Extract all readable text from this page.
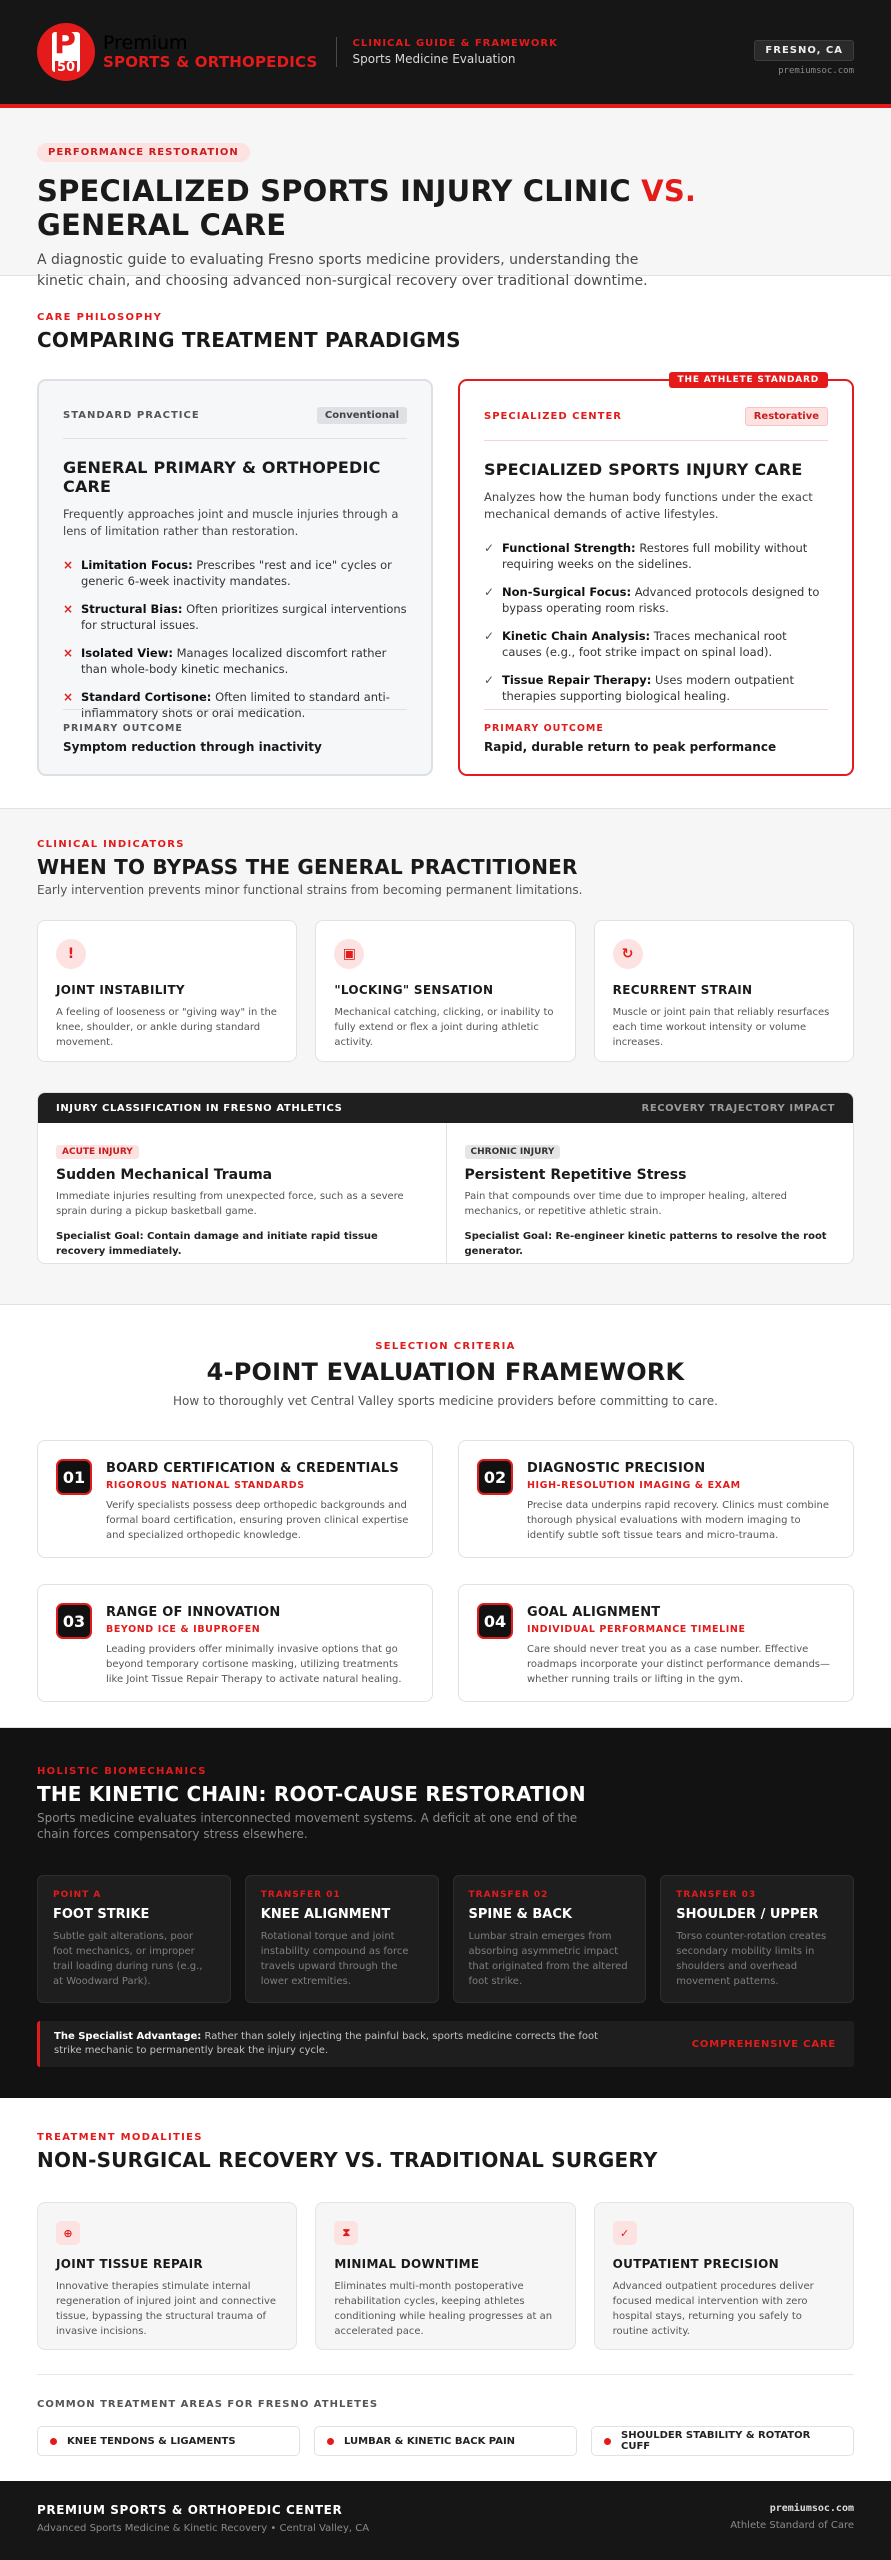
P
50
Premium
SPORTS & ORTHOPEDICS
CLINICAL GUIDE & FRAMEWORK
Sports Medicine Evaluation
FRESNO, CA
premiumsoc.com
PERFORMANCE RESTORATION
SPECIALIZED SPORTS INJURY CLINIC VS. GENERAL CARE

A diagnostic guide to evaluating Fresno sports medicine providers, understanding the kinetic chain, and choosing advanced non-surgical recovery over traditional downtime.

CARE PHILOSOPHY
COMPARING TREATMENT PARADIGMS
STANDARD PRACTICE	Conventional
GENERAL PRIMARY & ORTHOPEDIC CARE
Frequently approaches joint and muscle injuries through a lens of limitation rather than restoration.
× Limitation Focus: Prescribes "rest and ice" cycles or generic 6-week inactivity mandates.
× Structural Bias: Often prioritizes surgical interventions for structural issues.
× Isolated View: Manages localized discomfort rather than whole-body kinetic mechanics.
× Standard Cortisone: Often limited to standard anti-inflammatory shots or oral medication.
PRIMARY OUTCOME
Symptom reduction through inactivity
THE ATHLETE STANDARD
SPECIALIZED CENTER	Restorative
SPECIALIZED SPORTS INJURY CARE
Analyzes how the human body functions under the exact mechanical demands of active lifestyles.
✓ Functional Strength: Restores full mobility without requiring weeks on the sidelines.
✓ Non-Surgical Focus: Advanced protocols designed to bypass operating room risks.
✓ Kinetic Chain Analysis: Traces mechanical root causes (e.g., foot strike impact on spinal load).
✓ Tissue Repair Therapy: Uses modern outpatient therapies supporting biological healing.
PRIMARY OUTCOME
Rapid, durable return to peak performance
CLINICAL INDICATORS
WHEN TO BYPASS THE GENERAL PRACTITIONER
Early intervention prevents minor functional strains from becoming permanent limitations.
!
JOINT INSTABILITY

A feeling of looseness or "giving way" in the knee, shoulder, or ankle during standard movement.

▣
"LOCKING" SENSATION

Mechanical catching, clicking, or inability to fully extend or flex a joint during athletic activity.

↻
RECURRENT STRAIN

Muscle or joint pain that reliably resurfaces each time workout intensity or volume increases.

INJURY CLASSIFICATION IN FRESNO ATHLETICS	RECOVERY TRAJECTORY IMPACT
ACUTE INJURY
Sudden Mechanical Trauma

Immediate injuries resulting from unexpected force, such as a severe sprain during a pickup basketball game.

Specialist Goal: Contain damage and initiate rapid tissue recovery immediately.

CHRONIC INJURY
Persistent Repetitive Stress

Pain that compounds over time due to improper healing, altered mechanics, or repetitive athletic strain.

Specialist Goal: Re-engineer kinetic patterns to resolve the root generator.

SELECTION CRITERIA
4-POINT EVALUATION FRAMEWORK
How to thoroughly vet Central Valley sports medicine providers before committing to care.
01	BOARD CERTIFICATION & CREDENTIALS
RIGOROUS NATIONAL STANDARDS

Verify specialists possess deep orthopedic backgrounds and formal board certification, ensuring proven clinical expertise and specialized orthopedic knowledge.

02	DIAGNOSTIC PRECISION
HIGH-RESOLUTION IMAGING & EXAM

Precise data underpins rapid recovery. Clinics must combine thorough physical evaluations with modern imaging to identify subtle soft tissue tears and micro-trauma.

03	RANGE OF INNOVATION
BEYOND ICE & IBUPROFEN

Leading providers offer minimally invasive options that go beyond temporary cortisone masking, utilizing treatments like Joint Tissue Repair Therapy to activate natural healing.

04	GOAL ALIGNMENT
INDIVIDUAL PERFORMANCE TIMELINE

Care should never treat you as a case number. Effective roadmaps incorporate your distinct performance demands—whether running trails or lifting in the gym.

HOLISTIC BIOMECHANICS
THE KINETIC CHAIN: ROOT-CAUSE RESTORATION
Sports medicine evaluates interconnected movement systems. A deficit at one end of the chain forces compensatory stress elsewhere.
POINT A
FOOT STRIKE

Subtle gait alterations, poor foot mechanics, or improper trail loading during runs (e.g., at Woodward Park).

TRANSFER 01
KNEE ALIGNMENT

Rotational torque and joint instability compound as force travels upward through the lower extremities.

TRANSFER 02
SPINE & BACK

Lumbar strain emerges from absorbing asymmetric impact that originated from the altered foot strike.

TRANSFER 03
SHOULDER / UPPER

Torso counter-rotation creates secondary mobility limits in shoulders and overhead movement patterns.

The Specialist Advantage: Rather than solely injecting the painful back, sports medicine corrects the foot strike mechanic to permanently break the injury cycle.

COMPREHENSIVE CARE
TREATMENT MODALITIES
NON-SURGICAL RECOVERY VS. TRADITIONAL SURGERY
⊕
JOINT TISSUE REPAIR

Innovative therapies stimulate internal regeneration of injured joint and connective tissue, bypassing the structural trauma of invasive incisions.

⧗
MINIMAL DOWNTIME

Eliminates multi-month postoperative rehabilitation cycles, keeping athletes conditioning while healing progresses at an accelerated pace.

✓
OUTPATIENT PRECISION

Advanced outpatient procedures deliver focused medical intervention with zero hospital stays, returning you safely to routine activity.

COMMON TREATMENT AREAS FOR FRESNO ATHLETES
KNEE TENDONS & LIGAMENTS	LUMBAR & KINETIC BACK PAIN	SHOULDER STABILITY & ROTATOR CUFF
PREMIUM SPORTS & ORTHOPEDIC CENTER
Advanced Sports Medicine & Kinetic Recovery • Central Valley, CA
premiumsoc.com
Athlete Standard of Care
